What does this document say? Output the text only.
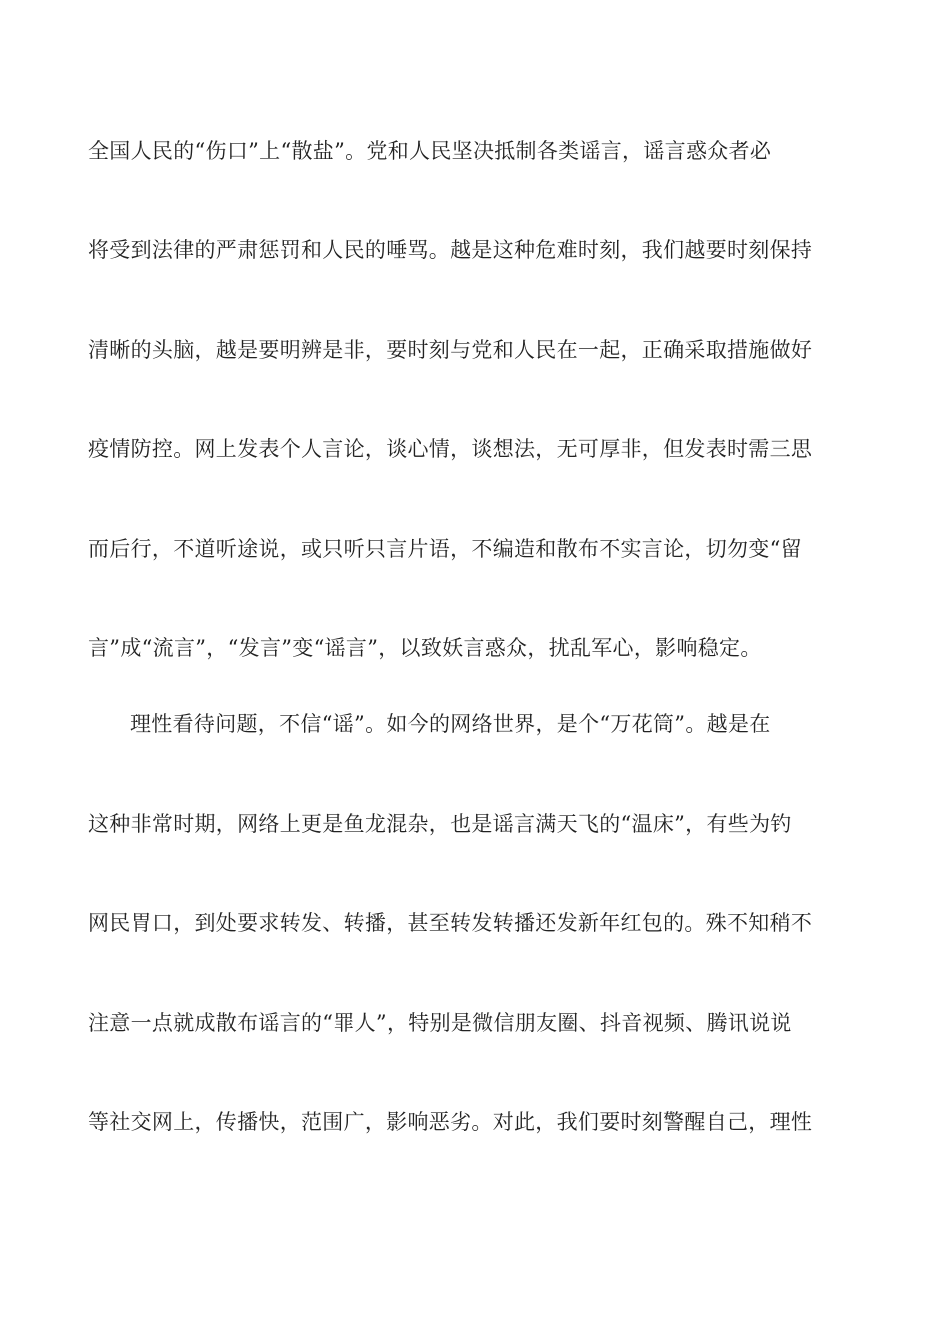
全国人民的“伤口”上“散盐”。党和人民坚决抵制各类谣言，谣言惑众者必
将受到法律的严肃惩罚和人民的唾骂。越是这种危难时刻，我们越要时刻保持
清晰的头脑，越是要明辨是非，要时刻与党和人民在一起，正确采取措施做好
疫情防控。网上发表个人言论，谈心情，谈想法，无可厚非，但发表时需三思
而后行，不道听途说，或只听只言片语，不编造和散布不实言论，切勿变“留
言”成“流言”，“发言”变“谣言”，以致妖言惑众，扰乱军心，影响稳定。
理性看待问题，不信“谣”。如今的网络世界，是个“万花筒”。越是在
这种非常时期，网络上更是鱼龙混杂，也是谣言满天飞的“温床”，有些为钓
网民胃口，到处要求转发、转播，甚至转发转播还发新年红包的。殊不知稍不
注意一点就成散布谣言的“罪人”，特别是微信朋友圈、抖音视频、腾讯说说
等社交网上，传播快，范围广，影响恶劣。对此，我们要时刻警醒自己，理性
